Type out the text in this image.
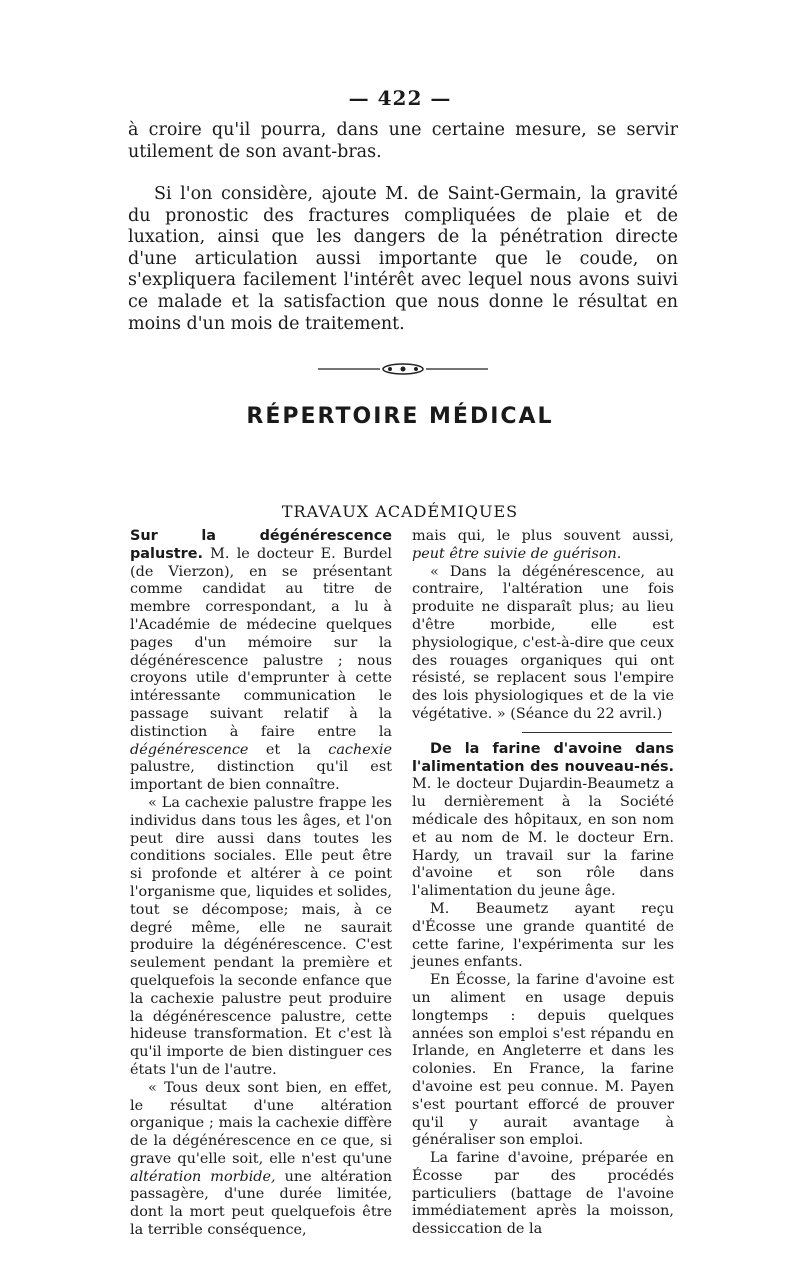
— 422 —

à croire qu'il pourra, dans une certaine mesure, se servir utilement de son avant-bras.

Si l'on considère, ajoute M. de Saint-Germain, la gravité du pronostic des fractures compliquées de plaie et de luxation, ainsi que les dangers de la pénétration directe d'une articulation aussi importante que le coude, on s'expliquera facilement l'intérêt avec lequel nous avons suivi ce malade et la satisfaction que nous donne le résultat en moins d'un mois de traitement.

RÉPERTOIRE MÉDICAL
TRAVAUX ACADÉMIQUES

Sur la dégénérescence palustre. M. le docteur E. Burdel (de Vierzon), en se présentant comme candidat au titre de membre correspondant, a lu à l'Académie de médecine quelques pages d'un mémoire sur la dégénérescence palustre ; nous croyons utile d'emprunter à cette intéressante communication le passage suivant relatif à la distinction à faire entre la dégénérescence et la cachexie palustre, distinction qu'il est important de bien connaître.

« La cachexie palustre frappe les individus dans tous les âges, et l'on peut dire aussi dans toutes les conditions sociales. Elle peut être si profonde et altérer à ce point l'organisme que, liquides et solides, tout se décompose; mais, à ce degré même, elle ne saurait produire la dégénérescence. C'est seulement pendant la première et quelquefois la seconde enfance que la cachexie palustre peut produire la dégénérescence palustre, cette hideuse transformation. Et c'est là qu'il importe de bien distinguer ces états l'un de l'autre.

« Tous deux sont bien, en effet, le résultat d'une altération organique ; mais la cachexie diffère de la dégénérescence en ce que, si grave qu'elle soit, elle n'est qu'une altération morbide, une altération passagère, d'une durée limitée, dont la mort peut quelquefois être la terrible conséquence,

mais qui, le plus souvent aussi, peut être suivie de guérison.

« Dans la dégénérescence, au contraire, l'altération une fois produite ne disparaît plus; au lieu d'être morbide, elle est physiologique, c'est-à-dire que ceux des rouages organiques qui ont résisté, se replacent sous l'empire des lois physiologiques et de la vie végétative. » (Séance du 22 avril.)

De la farine d'avoine dans l'alimentation des nouveau-nés. M. le docteur Dujardin-Beaumetz a lu dernièrement à la Société médicale des hôpitaux, en son nom et au nom de M. le docteur Ern. Hardy, un travail sur la farine d'avoine et son rôle dans l'alimentation du jeune âge.

M. Beaumetz ayant reçu d'Écosse une grande quantité de cette farine, l'expérimenta sur les jeunes enfants.

En Écosse, la farine d'avoine est un aliment en usage depuis longtemps : depuis quelques années son emploi s'est répandu en Irlande, en Angleterre et dans les colonies. En France, la farine d'avoine est peu connue. M. Payen s'est pourtant efforcé de prouver qu'il y aurait avantage à généraliser son emploi.

La farine d'avoine, préparée en Écosse par des procédés particuliers (battage de l'avoine immédiatement après la moisson, dessiccation de la
